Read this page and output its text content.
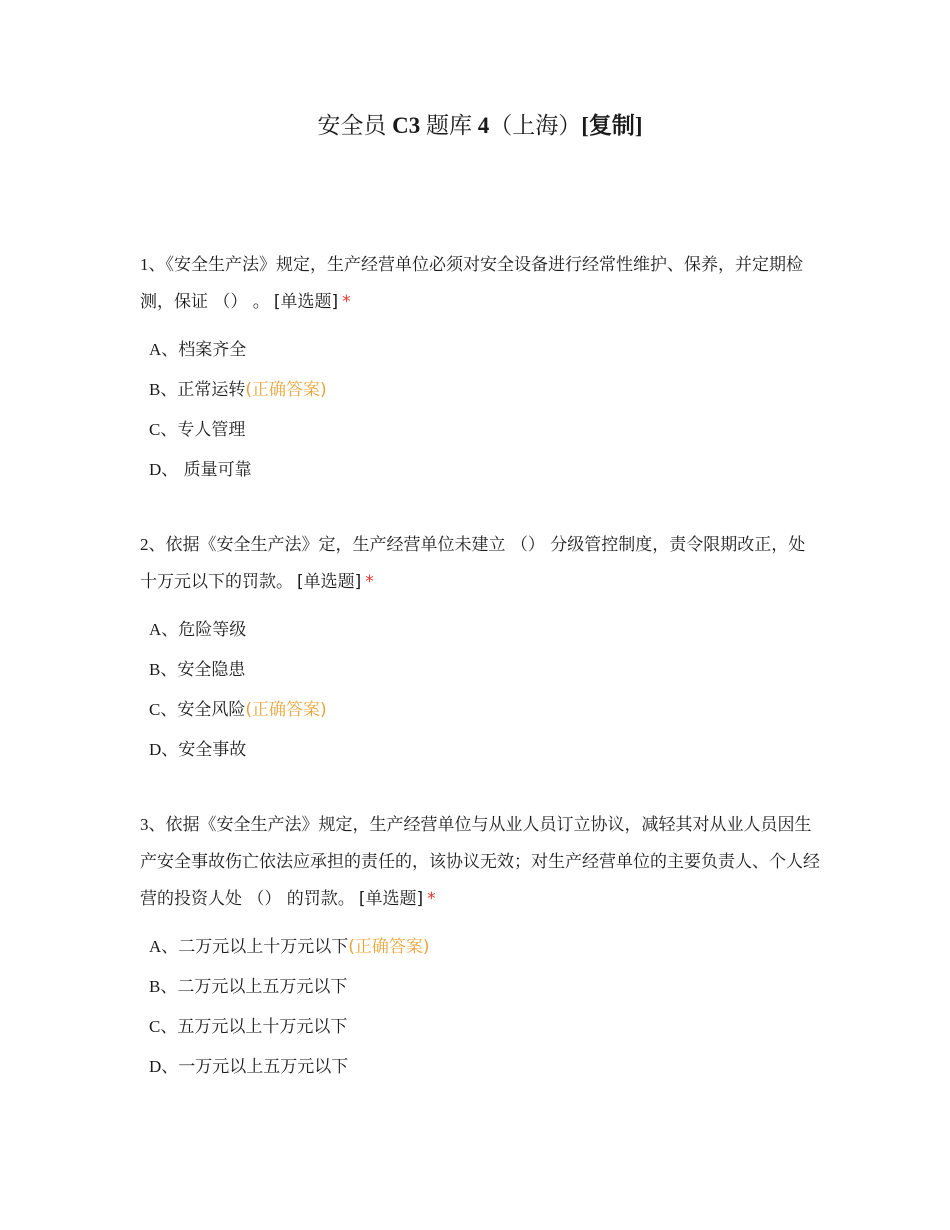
安全员 C3 题库 4（上海）[复制]

1、《安全生产法》规定，生产经营单位必须对安全设备进行经常性维护、保养，并定期检测，保证 （） 。 [单选题] *

A、档案齐全
B、正常运转(正确答案)
C、专人管理
D、 质量可靠

2、依据《安全生产法》定，生产经营单位未建立 （） 分级管控制度，责令限期改正，处十万元以下的罚款。 [单选题] *

A、危险等级
B、安全隐患
C、安全风险(正确答案)
D、安全事故

3、依据《安全生产法》规定，生产经营单位与从业人员订立协议，减轻其对从业人员因生产安全事故伤亡依法应承担的责任的，该协议无效；对生产经营单位的主要负责人、个人经营的投资人处 （） 的罚款。 [单选题] *

A、二万元以上十万元以下(正确答案)
B、二万元以上五万元以下
C、五万元以上十万元以下
D、一万元以上五万元以下
